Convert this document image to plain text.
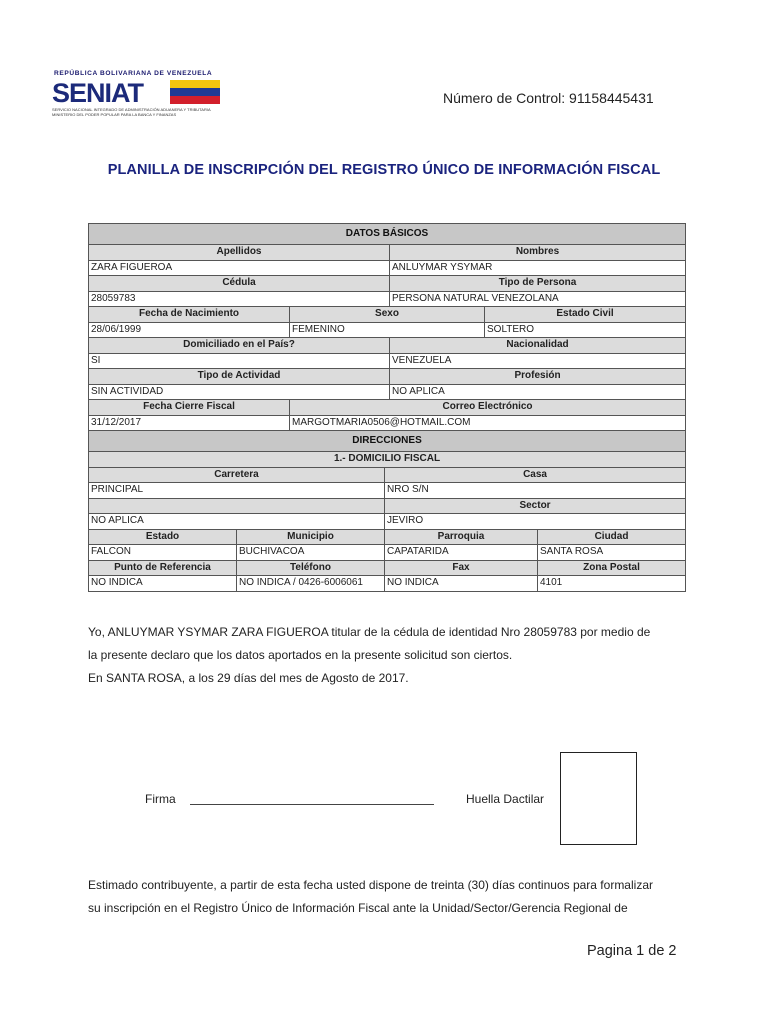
REPÚBLICA BOLIVARIANA DE VENEZUELA
SENIAT
SERVICIO NACIONAL INTEGRADO DE ADMINISTRACIÓN ADUANERA Y TRIBUTARIA
MINISTERIO DEL PODER POPULAR PARA LA BANCA Y FINANZAS
Número de Control: 91158445431
PLANILLA DE INSCRIPCIÓN DEL REGISTRO ÚNICO DE INFORMACIÓN FISCAL
DATOS BÁSICOS						
Apellidos				Nombres		
ZARA FIGUEROA				ANLUYMAR YSYMAR		
Cédula				Tipo de Persona		
28059783				PERSONA NATURAL VENEZOLANA		
Fecha de Nacimiento		Sexo			Estado Civil	
28/06/1999		FEMENINO			SOLTERO	
Domiciliado en el País?				Nacionalidad		
SI				VENEZUELA		
Tipo de Actividad				Profesión		
SIN ACTIVIDAD				NO APLICA		
Fecha Cierre Fiscal		Correo Electrónico				
31/12/2017		MARGOTMARIA0506@HOTMAIL.COM				
DIRECCIONES						
1.- DOMICILIO FISCAL						
Carretera			Casa			
PRINCIPAL			NRO S/N			
			Sector			
NO APLICA			JEVIRO			
Estado	Municipio		Parroquia			Ciudad
FALCON	BUCHIVACOA		CAPATARIDA			SANTA ROSA
Punto de Referencia	Teléfono		Fax			Zona Postal
NO INDICA	NO INDICA / 0426-6006061		NO INDICA			4101
Yo, ANLUYMAR YSYMAR ZARA FIGUEROA titular de la cédula de identidad Nro 28059783 por medio de
la presente declaro que los datos aportados en la presente solicitud son ciertos.
En SANTA ROSA, a los 29 días del mes de Agosto de 2017.
Firma	Huella Dactilar
Estimado contribuyente, a partir de esta fecha usted dispone de treinta (30) días continuos para formalizar
su inscripción en el Registro Único de Información Fiscal ante la Unidad/Sector/Gerencia Regional de
Pagina 1 de 2
